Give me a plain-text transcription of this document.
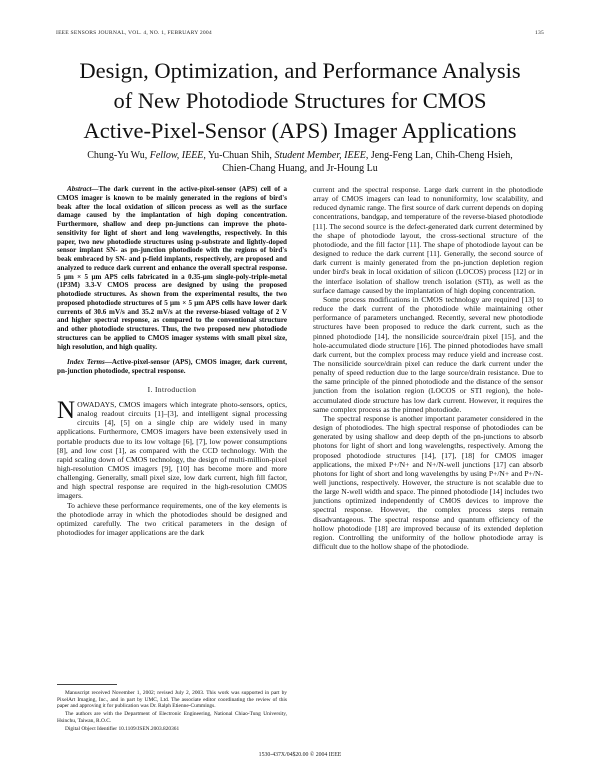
IEEE SENSORS JOURNAL, VOL. 4, NO. 1, FEBRUARY 2004	135
Design, Optimization, and Performance Analysis
of New Photodiode Structures for CMOS
Active-Pixel-Sensor (APS) Imager Applications
Chung-Yu Wu, Fellow, IEEE, Yu-Chuan Shih, Student Member, IEEE, Jeng-Feng Lan, Chih-Cheng Hsieh,
Chien-Chang Huang, and Jr-Houng Lu

Abstract—The dark current in the active-pixel-sensor (APS) cell of a CMOS imager is known to be mainly generated in the regions of bird's beak after the local oxidation of silicon process as well as the surface damage caused by the implantation of high doping concentration. Furthermore, shallow and deep pn-junctions can improve the photo-sensitivity for light of short and long wavelengths, respectively. In this paper, two new photodiode structures using p-substrate and lightly-doped sensor implant SN- as pn-junction photodiode with the regions of bird's beak embraced by SN- and p-field implants, respectively, are proposed and analyzed to reduce dark current and enhance the overall spectral response. 5 μm × 5 μm APS cells fabricated in a 0.35-μm single-poly-triple-metal (1P3M) 3.3-V CMOS process are designed by using the proposed photodiode structures. As shown from the experimental results, the two proposed photodiode structures of 5 μm × 5 μm APS cells have lower dark currents of 30.6 mV/s and 35.2 mV/s at the reverse-biased voltage of 2 V and higher spectral response, as compared to the conventional structure and other photodiode structures. Thus, the two proposed new photodiode structures can be applied to CMOS imager systems with small pixel size, high resolution, and high quality.

Index Terms—Active-pixel-sensor (APS), CMOS imager, dark current, pn-junction photodiode, spectral response.

I. Introduction

NOWADAYS, CMOS imagers which integrate photo-sensors, optics, analog readout circuits [1]–[3], and intelligent signal processing circuits [4], [5] on a single chip are widely used in many applications. Furthermore, CMOS imagers have been extensively used in portable products due to its low voltage [6], [7], low power consumptions [8], and low cost [1], as compared with the CCD technology. With the rapid scaling down of CMOS technology, the design of multi-million-pixel high-resolution CMOS imagers [9], [10] has become more and more challenging. Generally, small pixel size, low dark current, high fill factor, and high spectral response are required in the high-resolution CMOS imagers.

To achieve these performance requirements, one of the key elements is the photodiode array in which the photodiodes should be designed and optimized carefully. The two critical parameters in the design of photodiodes for imager applications are the dark

current and the spectral response. Large dark current in the photodiode array of CMOS imagers can lead to nonuniformity, low scalability, and reduced dynamic range. The first source of dark current depends on doping concentrations, bandgap, and temperature of the reverse-biased photodiode [11]. The second source is the defect-generated dark current determined by the shape of photodiode layout, the cross-sectional structure of the photodiode, and the fill factor [11]. The shape of photodiode layout can be designed to reduce the dark current [11]. Generally, the second source of dark current is mainly generated from the pn-junction depletion region under bird's beak in local oxidation of silicon (LOCOS) process [12] or in the interface isolation of shallow trench isolation (STI), as well as the surface damage caused by the implantation of high doping concentration.

Some process modifications in CMOS technology are required [13] to reduce the dark current of the photodiode while maintaining other performance of parameters unchanged. Recently, several new photodiode structures have been proposed to reduce the dark current, such as the pinned photodiode [14], the nonsilicide source/drain pixel [15], and the hole-accumulated diode structure [16]. The pinned photodiodes have small dark current, but the complex process may reduce yield and increase cost. The nonsilicide source/drain pixel can reduce the dark current under the penalty of speed reduction due to the large source/drain resistance. Due to the same principle of the pinned photodiode and the distance of the sensor junction from the isolation region (LOCOS or STI region), the hole-accumulated diode structure has low dark current. However, it requires the same complex process as the pinned photodiode.

The spectral response is another important parameter considered in the design of photodiodes. The high spectral response of photodiodes can be generated by using shallow and deep depth of the pn-junctions to absorb photons for light of short and long wavelengths, respectively. Among the proposed photodiode structures [14], [17], [18] for CMOS imager applications, the mixed P+/N+ and N+/N-well junctions [17] can absorb photons for light of short and long wavelengths by using P+/N+ and P+/N-well junctions, respectively. However, the structure is not scalable due to the large N-well width and space. The pinned photodiode [14] includes two junctions optimized independently of CMOS devices to improve the spectral response. However, the complex process steps remain disadvantageous. The spectral response and quantum efficiency of the hollow photodiode [18] are improved because of its extended depletion region. Controlling the uniformity of the hollow photodiode array is difficult due to the hollow shape of the photodiode.

Manuscript received November 1, 2002; revised July 2, 2003. This work was supported in part by PixelArt Imaging, Inc., and in part by UMC, Ltd. The associate editor coordinating the review of this paper and approving it for publication was Dr. Ralph Etienne-Cummings.

The authors are with the Department of Electronic Engineering, National Chiao-Tung University, Hsinchu, Taiwan, R.O.C.

Digital Object Identifier 10.1109/JSEN.2003.820361

1530-437X/04$20.00 © 2004 IEEE
